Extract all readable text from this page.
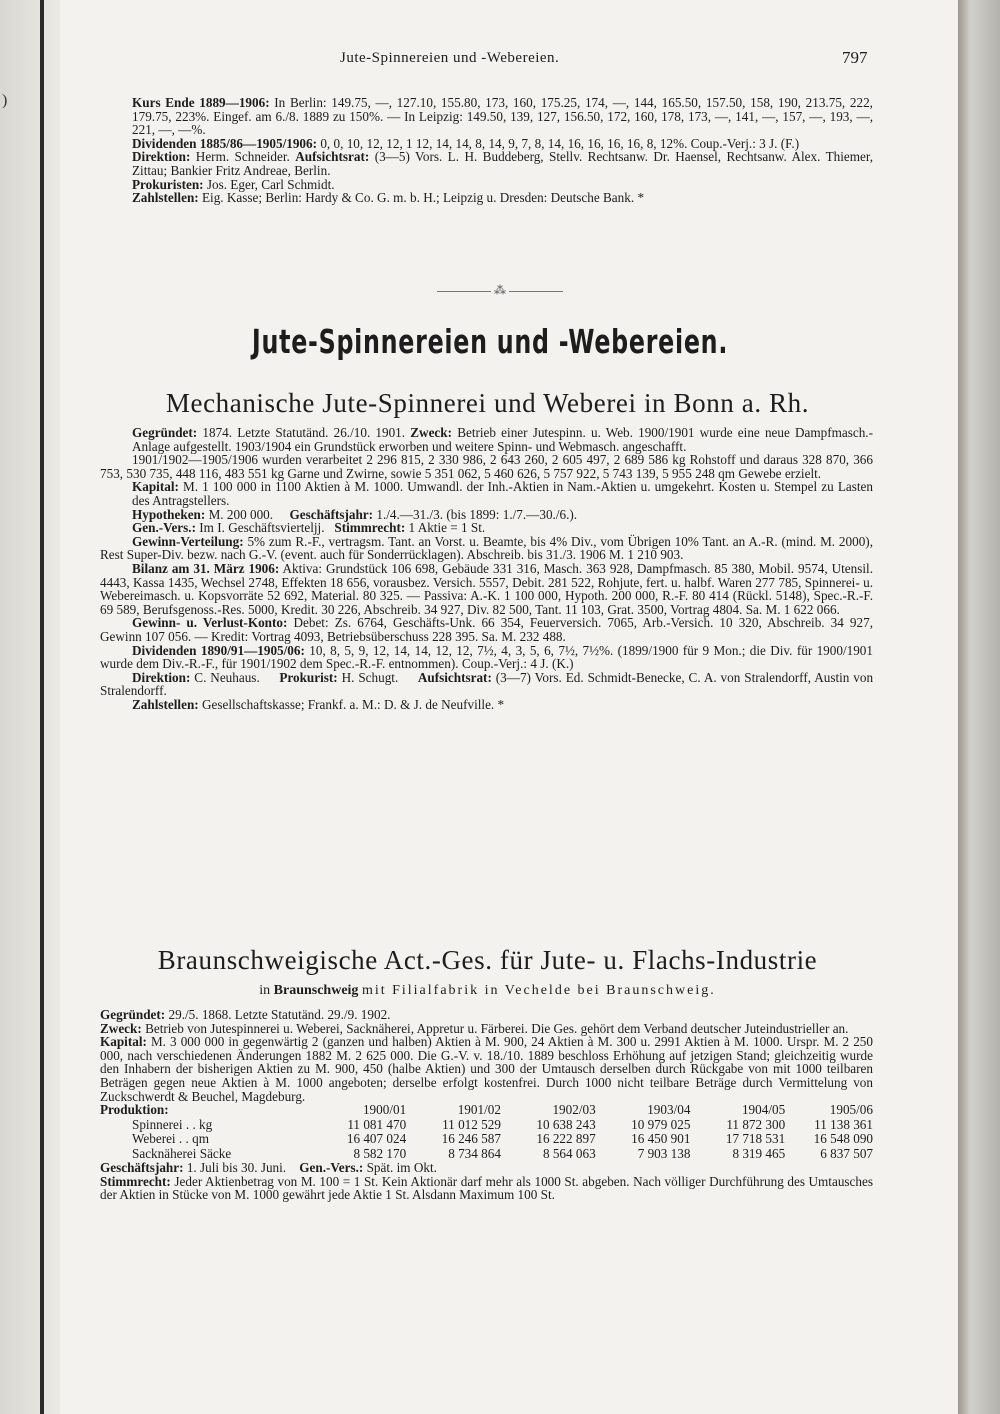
)
Jute-Spinnereien und -Webereien.	797

Kurs Ende 1889—1906: In Berlin: 149.75, —, 127.10, 155.80, 173, 160, 175.25, 174, —, 144, 165.50, 157.50, 158, 190, 213.75, 222, 179.75, 223%. Eingef. am 6./8. 1889 zu 150%. — In Leipzig: 149.50, 139, 127, 156.50, 172, 160, 178, 173, —, 141, —, 157, —, 193, —, 221, —, —%.

Dividenden 1885/86—1905/1906: 0, 0, 10, 12, 12, 1 12, 14, 14, 8, 14, 9, 7, 8, 14, 16, 16, 16, 16, 8, 12%. Coup.-Verj.: 3 J. (F.)

Direktion: Herm. Schneider. Aufsichtsrat: (3—5) Vors. L. H. Buddeberg, Stellv. Rechtsanw. Dr. Haensel, Rechtsanw. Alex. Thiemer, Zittau; Bankier Fritz Andreae, Berlin.

Prokuristen: Jos. Eger, Carl Schmidt.

Zahlstellen: Eig. Kasse; Berlin: Hardy & Co. G. m. b. H.; Leipzig u. Dresden: Deutsche Bank. *

⁂
Jute-Spinnereien und -Webereien.
Mechanische Jute-Spinnerei und Weberei in Bonn a. Rh.

Gegründet: 1874. Letzte Statutänd. 26./10. 1901. Zweck: Betrieb einer Jutespinn. u. Web. 1900/1901 wurde eine neue Dampfmasch.-Anlage aufgestellt. 1903/1904 ein Grundstück erworben und weitere Spinn- und Webmasch. angeschafft.

1901/1902—1905/1906 wurden verarbeitet 2 296 815, 2 330 986, 2 643 260, 2 605 497, 2 689 586 kg Rohstoff und daraus 328 870, 366 753, 530 735, 448 116, 483 551 kg Garne und Zwirne, sowie 5 351 062, 5 460 626, 5 757 922, 5 743 139, 5 955 248 qm Gewebe erzielt.

Kapital: M. 1 100 000 in 1100 Aktien à M. 1000. Umwandl. der Inh.-Aktien in Nam.-Aktien u. umgekehrt. Kosten u. Stempel zu Lasten des Antragstellers.

Hypotheken: M. 200 000. Geschäftsjahr: 1./4.—31./3. (bis 1899: 1./7.—30./6.).

Gen.-Vers.: Im I. Geschäftsvierteljj. Stimmrecht: 1 Aktie = 1 St.

Gewinn-Verteilung: 5% zum R.-F., vertragsm. Tant. an Vorst. u. Beamte, bis 4% Div., vom Übrigen 10% Tant. an A.-R. (mind. M. 2000), Rest Super-Div. bezw. nach G.-V. (event. auch für Sonderrücklagen). Abschreib. bis 31./3. 1906 M. 1 210 903.

Bilanz am 31. März 1906: Aktiva: Grundstück 106 698, Gebäude 331 316, Masch. 363 928, Dampfmasch. 85 380, Mobil. 9574, Utensil. 4443, Kassa 1435, Wechsel 2748, Effekten 18 656, vorausbez. Versich. 5557, Debit. 281 522, Rohjute, fert. u. halbf. Waren 277 785, Spinnerei- u. Webereimasch. u. Kopsvorräte 52 692, Material. 80 325. — Passiva: A.-K. 1 100 000, Hypoth. 200 000, R.-F. 80 414 (Rückl. 5148), Spec.-R.-F. 69 589, Berufsgenoss.-Res. 5000, Kredit. 30 226, Abschreib. 34 927, Div. 82 500, Tant. 11 103, Grat. 3500, Vortrag 4804. Sa. M. 1 622 066.

Gewinn- u. Verlust-Konto: Debet: Zs. 6764, Geschäfts-Unk. 66 354, Feuerversich. 7065, Arb.-Versich. 10 320, Abschreib. 34 927, Gewinn 107 056. — Kredit: Vortrag 4093, Betriebsüberschuss 228 395. Sa. M. 232 488.

Dividenden 1890/91—1905/06: 10, 8, 5, 9, 12, 14, 14, 12, 12, 7½, 4, 3, 5, 6, 7½, 7½%. (1899/1900 für 9 Mon.; die Div. für 1900/1901 wurde dem Div.-R.-F., für 1901/1902 dem Spec.-R.-F. entnommen). Coup.-Verj.: 4 J. (K.)

Direktion: C. Neuhaus. Prokurist: H. Schugt. Aufsichtsrat: (3—7) Vors. Ed. Schmidt-Benecke, C. A. von Stralendorff, Austin von Stralendorff.

Zahlstellen: Gesellschaftskasse; Frankf. a. M.: D. & J. de Neufville. *

Braunschweigische Act.-Ges. für Jute- u. Flachs-Industrie
in Braunschweig mit Filialfabrik in Vechelde bei Braunschweig.

Gegründet: 29./5. 1868. Letzte Statutänd. 29./9. 1902.

Zweck: Betrieb von Jutespinnerei u. Weberei, Sacknäherei, Appretur u. Färberei. Die Ges. gehört dem Verband deutscher Juteindustrieller an.

Kapital: M. 3 000 000 in gegenwärtig 2 (ganzen und halben) Aktien à M. 900, 24 Aktien à M. 300 u. 2991 Aktien à M. 1000. Urspr. M. 2 250 000, nach verschiedenen Änderungen 1882 M. 2 625 000. Die G.-V. v. 18./10. 1889 beschloss Erhöhung auf jetzigen Stand; gleichzeitig wurde den Inhabern der bisherigen Aktien zu M. 900, 450 (halbe Aktien) und 300 der Umtausch derselben durch Rückgabe von mit 1000 teilbaren Beträgen gegen neue Aktien à M. 1000 angeboten; derselbe erfolgt kostenfrei. Durch 1000 nicht teilbare Beträge durch Vermittelung von Zuckschwerdt & Beuchel, Magdeburg.

Produktion:	1900/01	1901/02	1902/03	1903/04	1904/05	1905/06
Spinnerei . . kg	11 081 470	11 012 529	10 638 243	10 979 025	11 872 300	11 138 361
Weberei . . qm	16 407 024	16 246 587	16 222 897	16 450 901	17 718 531	16 548 090
Sacknäherei Säcke	8 582 170	8 734 864	8 564 063	7 903 138	8 319 465	6 837 507

Geschäftsjahr: 1. Juli bis 30. Juni. Gen.-Vers.: Spät. im Okt.

Stimmrecht: Jeder Aktienbetrag von M. 100 = 1 St. Kein Aktionär darf mehr als 1000 St. abgeben. Nach völliger Durchführung des Umtausches der Aktien in Stücke von M. 1000 gewährt jede Aktie 1 St. Alsdann Maximum 100 St.
